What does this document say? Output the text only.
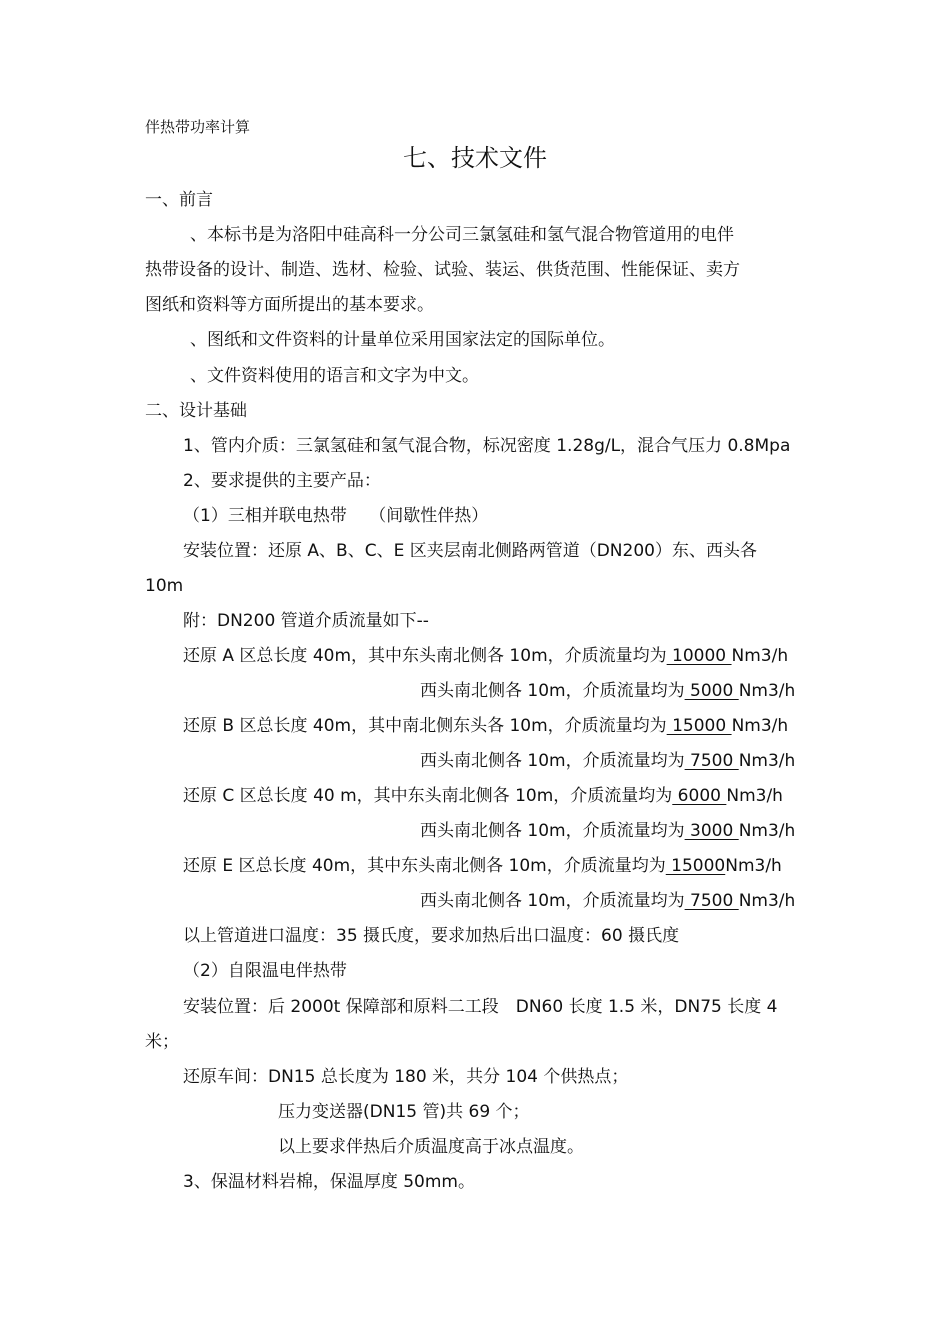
伴热带功率计算
七、技术文件
一、前言
、本标书是为洛阳中硅高科一分公司三氯氢硅和氢气混合物管道用的电伴
热带设备的设计、制造、选材、检验、试验、装运、供货范围、性能保证、卖方
图纸和资料等方面所提出的基本要求。
、图纸和文件资料的计量单位采用国家法定的国际单位。
、文件资料使用的语言和文字为中文。
二、设计基础
1、管内介质：三氯氢硅和氢气混合物，标况密度 1.28g/L，混合气压力 0.8Mpa
2、要求提供的主要产品：
（1）三相并联电热带　 （间歇性伴热）
安装位置：还原 A、B、C、E 区夹层南北侧路两管道（DN200）东、西头各
10m
附：DN200 管道介质流量如下--
还原 A 区总长度 40m，其中东头南北侧各 10m，介质流量均为 10000 Nm3/h
西头南北侧各 10m，介质流量均为 5000 Nm3/h
还原 B 区总长度 40m，其中南北侧东头各 10m，介质流量均为 15000 Nm3/h
西头南北侧各 10m，介质流量均为 7500 Nm3/h
还原 C 区总长度 40 m，其中东头南北侧各 10m，介质流量均为 6000 Nm3/h
西头南北侧各 10m，介质流量均为 3000 Nm3/h
还原 E 区总长度 40m，其中东头南北侧各 10m，介质流量均为 15000Nm3/h
西头南北侧各 10m，介质流量均为 7500 Nm3/h
以上管道进口温度：35 摄氏度，要求加热后出口温度：60 摄氏度
（2）自限温电伴热带
安装位置：后 2000t 保障部和原料二工段　DN60 长度 1.5 米，DN75 长度 4
米；
还原车间：DN15 总长度为 180 米，共分 104 个供热点；
压力变送器(DN15 管)共 69 个；
以上要求伴热后介质温度高于冰点温度。
3、保温材料岩棉，保温厚度 50mm。
